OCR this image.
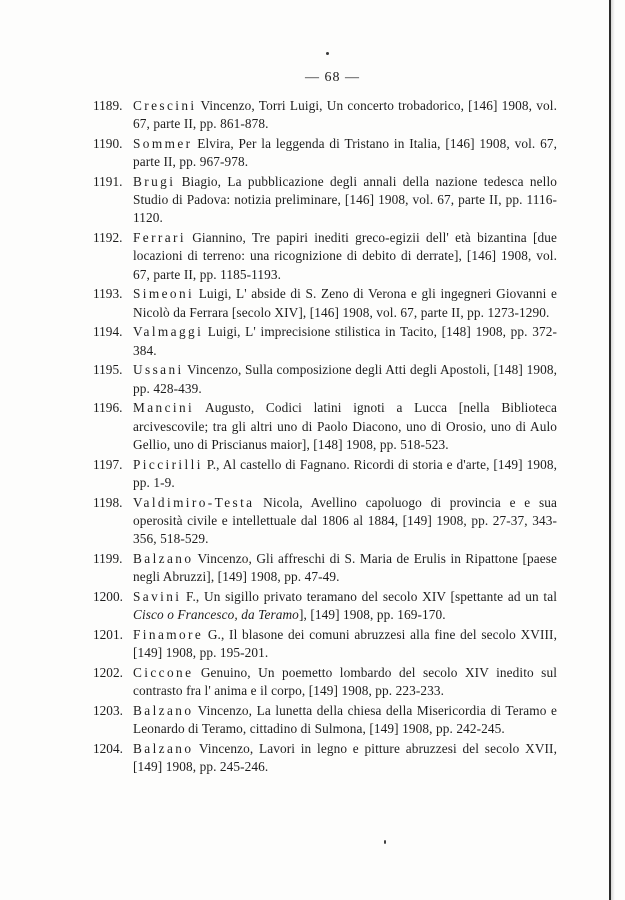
— 68 —
1189. Crescini Vincenzo, Torri Luigi, Un concerto trobadorico, [146] 1908, vol. 67, parte II, pp. 861-878.
1190. Sommer Elvira, Per la leggenda di Tristano in Italia, [146] 1908, vol. 67, parte II, pp. 967-978.
1191. Brugi Biagio, La pubblicazione degli annali della nazione tedesca nello Studio di Padova: notizia preliminare, [146] 1908, vol. 67, parte II, pp. 1116-1120.
1192. Ferrari Giannino, Tre papiri inediti greco-egizii dell' età bizantina [due locazioni di terreno: una ricognizione di debito di derrate], [146] 1908, vol. 67, parte II, pp. 1185-1193.
1193. Simeoni Luigi, L' abside di S. Zeno di Verona e gli ingegneri Giovanni e Nicolò da Ferrara [secolo XIV], [146] 1908, vol. 67, parte II, pp. 1273-1290.
1194. Valmaggi Luigi, L' imprecisione stilistica in Tacito, [148] 1908, pp. 372-384.
1195. Ussani Vincenzo, Sulla composizione degli Atti degli Apostoli, [148] 1908, pp. 428-439.
1196. Mancini Augusto, Codici latini ignoti a Lucca [nella Biblioteca arcivescovile; tra gli altri uno di Paolo Diacono, uno di Orosio, uno di Aulo Gellio, uno di Priscianus maior], [148] 1908, pp. 518-523.
1197. Piccirilli P., Al castello di Fagnano. Ricordi di storia e d'arte, [149] 1908, pp. 1-9.
1198. Valdimiro-Testa Nicola, Avellino capoluogo di provincia e e sua operosità civile e intellettuale dal 1806 al 1884, [149] 1908, pp. 27-37, 343-356, 518-529.
1199. Balzano Vincenzo, Gli affreschi di S. Maria de Erulis in Ripattone [paese negli Abruzzi], [149] 1908, pp. 47-49.
1200. Savini F., Un sigillo privato teramano del secolo XIV [spettante ad un tal Cisco o Francesco, da Teramo], [149] 1908, pp. 169-170.
1201. Finamore G., Il blasone dei comuni abruzzesi alla fine del secolo XVIII, [149] 1908, pp. 195-201.
1202. Ciccone Genuino, Un poemetto lombardo del secolo XIV inedito sul contrasto fra l' anima e il corpo, [149] 1908, pp. 223-233.
1203. Balzano Vincenzo, La lunetta della chiesa della Misericordia di Teramo e Leonardo di Teramo, cittadino di Sulmona, [149] 1908, pp. 242-245.
1204. Balzano Vincenzo, Lavori in legno e pitture abruzzesi del secolo XVII, [149] 1908, pp. 245-246.
